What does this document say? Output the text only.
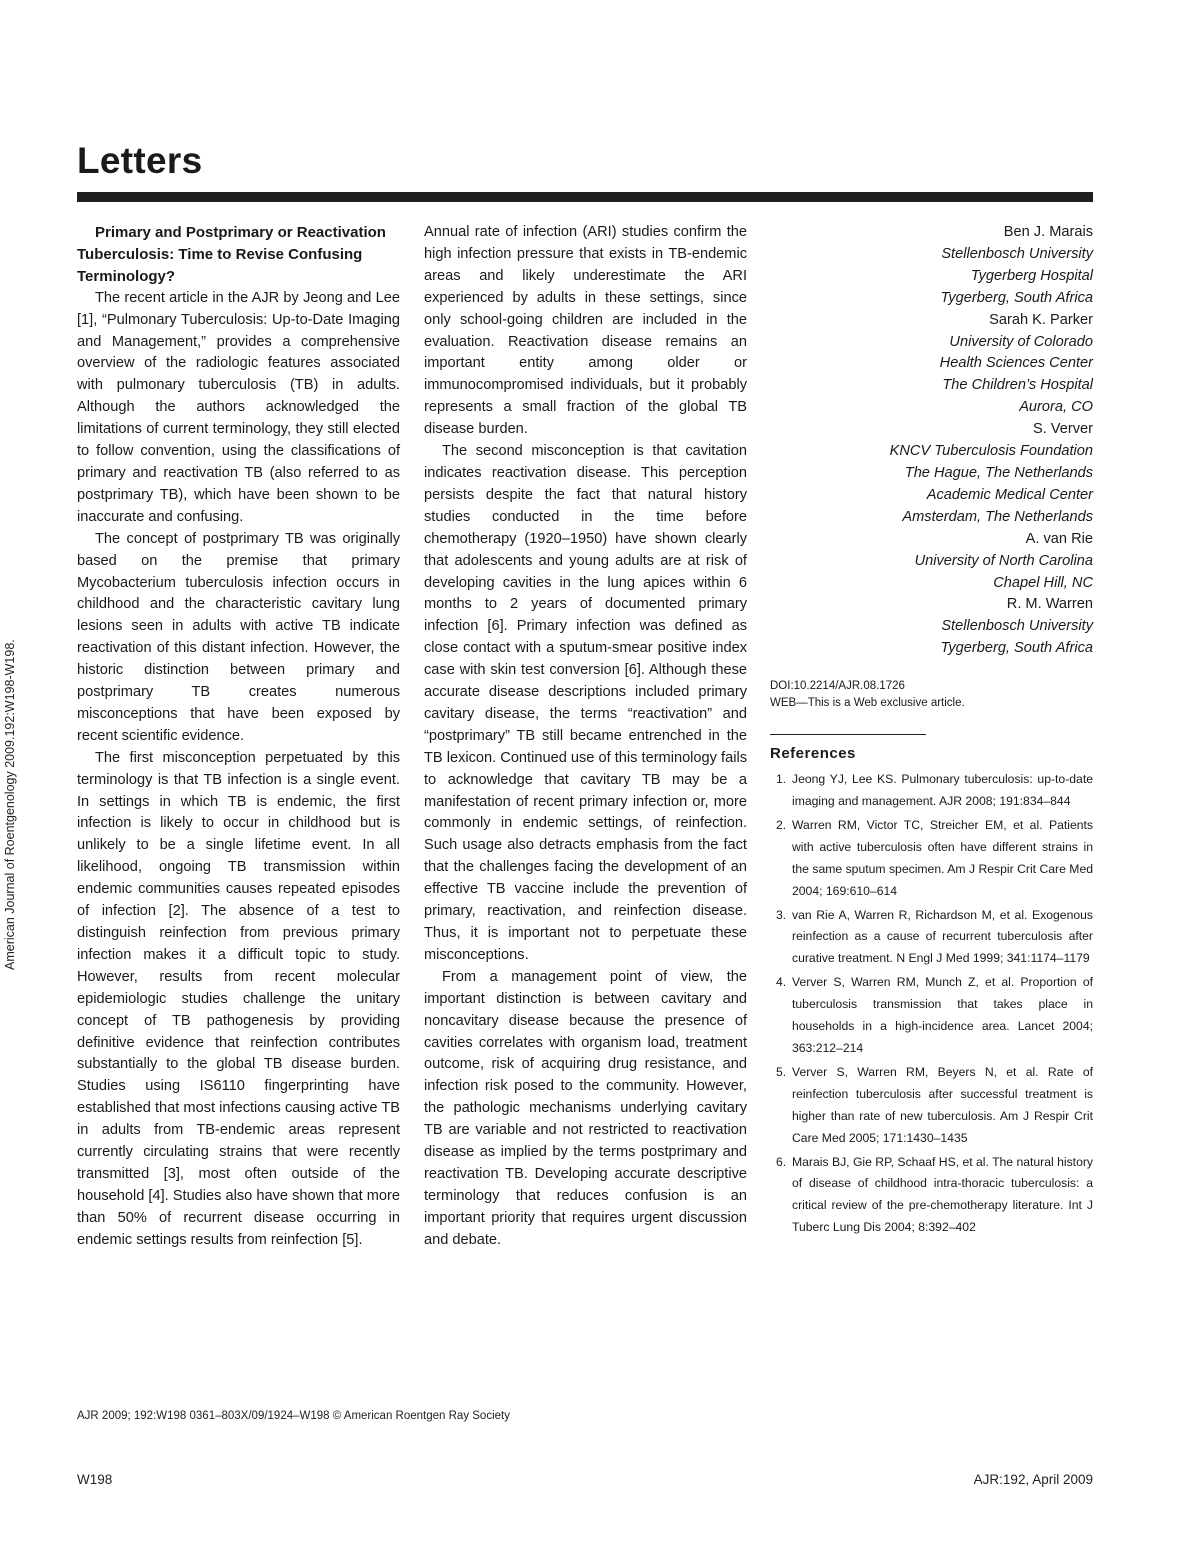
American Journal of Roentgenology 2009.192:W198-W198.
Letters

Primary and Postprimary or Reactivation Tuberculosis: Time to Revise Confusing Terminology?

The recent article in the AJR by Jeong and Lee [1], “Pulmonary Tuberculosis: Up-to-Date Imaging and Management,” provides a comprehensive overview of the radiologic features associated with pulmonary tuberculosis (TB) in adults. Although the authors acknowledged the limitations of current terminology, they still elected to follow convention, using the classifications of primary and reactivation TB (also referred to as postprimary TB), which have been shown to be inaccurate and confusing.

The concept of postprimary TB was originally based on the premise that primary Mycobacterium tuberculosis infection occurs in childhood and the characteristic cavitary lung lesions seen in adults with active TB indicate reactivation of this distant infection. However, the historic distinction between primary and postprimary TB creates numerous misconceptions that have been exposed by recent scientific evidence.

The first misconception perpetuated by this terminology is that TB infection is a single event. In settings in which TB is endemic, the first infection is likely to occur in childhood but is unlikely to be a single lifetime event. In all likelihood, ongoing TB transmission within endemic communities causes repeated episodes of infection [2]. The absence of a test to distinguish reinfection from previous primary infection makes it a difficult topic to study. However, results from recent molecular epidemiologic studies challenge the unitary concept of TB pathogenesis by providing definitive evidence that reinfection contributes substantially to the global TB disease burden. Studies using IS6110 fingerprinting have established that most infections causing active TB in adults from TB-endemic areas represent currently circulating strains that were recently transmitted [3], most often outside of the household [4]. Studies also have shown that more than 50% of recurrent disease occurring in endemic settings results from reinfection [5].

Annual rate of infection (ARI) studies confirm the high infection pressure that exists in TB-endemic areas and likely underestimate the ARI experienced by adults in these settings, since only school-going children are included in the evaluation. Reactivation disease remains an important entity among older or immunocompromised individuals, but it probably represents a small fraction of the global TB disease burden.

The second misconception is that cavitation indicates reactivation disease. This perception persists despite the fact that natural history studies conducted in the time before chemotherapy (1920–1950) have shown clearly that adolescents and young adults are at risk of developing cavities in the lung apices within 6 months to 2 years of documented primary infection [6]. Primary infection was defined as close contact with a sputum-smear positive index case with skin test conversion [6]. Although these accurate disease descriptions included primary cavitary disease, the terms “reactivation” and “postprimary” TB still became entrenched in the TB lexicon. Continued use of this terminology fails to acknowledge that cavitary TB may be a manifestation of recent primary infection or, more commonly in endemic settings, of reinfection. Such usage also detracts emphasis from the fact that the challenges facing the development of an effective TB vaccine include the prevention of primary, reactivation, and reinfection disease. Thus, it is important not to perpetuate these misconceptions.

From a management point of view, the important distinction is between cavitary and noncavitary disease because the presence of cavities correlates with organism load, treatment outcome, risk of acquiring drug resistance, and infection risk posed to the community. However, the pathologic mechanisms underlying cavitary TB are variable and not restricted to reactivation disease as implied by the terms postprimary and reactivation TB. Developing accurate descriptive terminology that reduces confusion is an important priority that requires urgent discussion and debate.

Ben J. Marais
Stellenbosch University
Tygerberg Hospital
Tygerberg, South Africa
Sarah K. Parker
University of Colorado
Health Sciences Center
The Children’s Hospital
Aurora, CO
S. Verver
KNCV Tuberculosis Foundation
The Hague, The Netherlands
Academic Medical Center
Amsterdam, The Netherlands
A. van Rie
University of North Carolina
Chapel Hill, NC
R. M. Warren
Stellenbosch University
Tygerberg, South Africa
DOI:10.2214/AJR.08.1726
WEB—This is a Web exclusive article.
References
1. Jeong YJ, Lee KS. Pulmonary tuberculosis: up-to-date imaging and management. AJR 2008; 191:834–844
2. Warren RM, Victor TC, Streicher EM, et al. Patients with active tuberculosis often have different strains in the same sputum specimen. Am J Respir Crit Care Med 2004; 169:610–614
3. van Rie A, Warren R, Richardson M, et al. Exogenous reinfection as a cause of recurrent tuberculosis after curative treatment. N Engl J Med 1999; 341:1174–1179
4. Verver S, Warren RM, Munch Z, et al. Proportion of tuberculosis transmission that takes place in households in a high-incidence area. Lancet 2004; 363:212–214
5. Verver S, Warren RM, Beyers N, et al. Rate of reinfection tuberculosis after successful treatment is higher than rate of new tuberculosis. Am J Respir Crit Care Med 2005; 171:1430–1435
6. Marais BJ, Gie RP, Schaaf HS, et al. The natural history of disease of childhood intra-thoracic tuberculosis: a critical review of the pre-chemotherapy literature. Int J Tuberc Lung Dis 2004; 8:392–402
AJR 2009; 192:W198 0361–803X/09/1924–W198 © American Roentgen Ray Society
W198	AJR:192, April 2009
